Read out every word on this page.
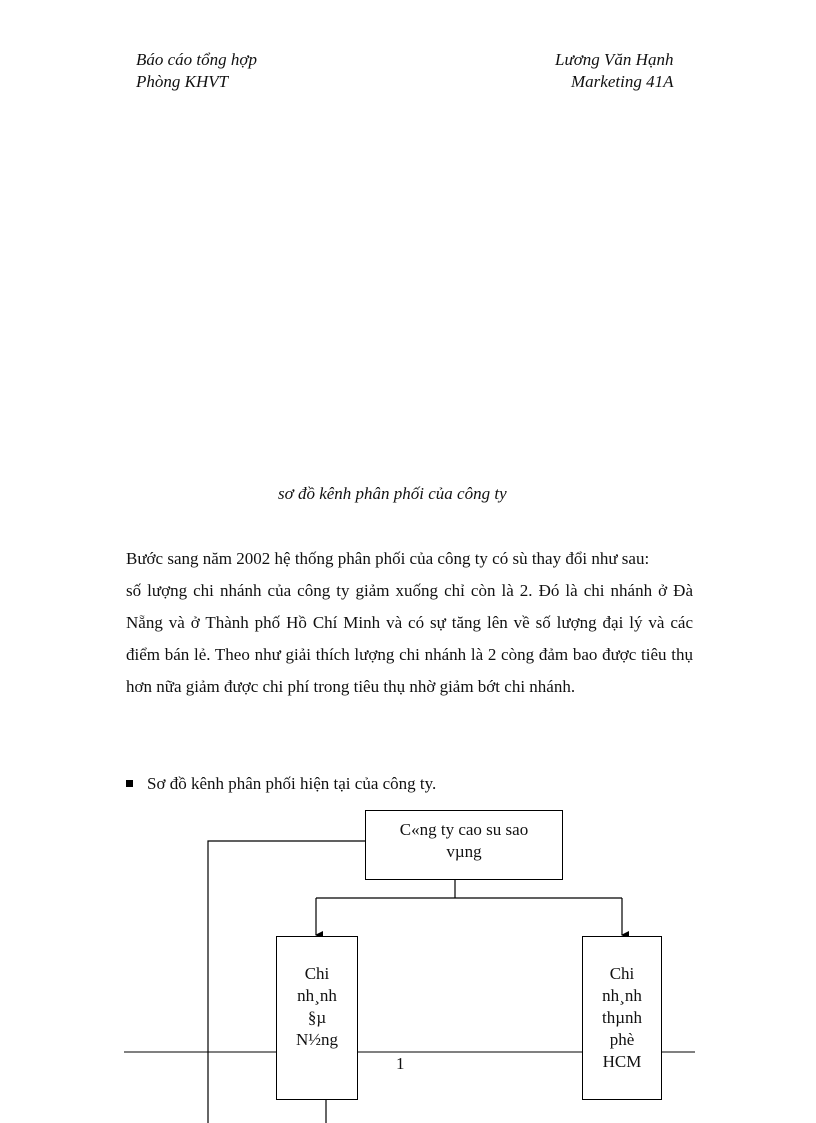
Báo cáo tổng hợp
Phòng KHVT
Lương Văn Hạnh
Marketing 41A
sơ đồ kênh phân phối của công ty

Bước sang năm 2002 hệ thống phân phối của công ty có sù thay đổi như sau:

số lượng chi nhánh của công ty giảm xuống chỉ còn là 2. Đó là chi nhánh ở Đà Nẵng và ở Thành phố Hồ Chí Minh và có sự tăng lên về số lượng đại lý và các điểm bán lẻ. Theo như giải thích lượng chi nhánh là 2 còng đảm bao được tiêu thụ hơn nữa giảm được chi phí trong tiêu thụ nhờ giảm bớt chi nhánh.

Sơ đồ kênh phân phối hiện tại của công ty.
C«ng ty cao su sao
vµng
Chi
nh¸nh
§µ
N½ng
Chi
nh¸nh
thµnh
phè
HCM
1
